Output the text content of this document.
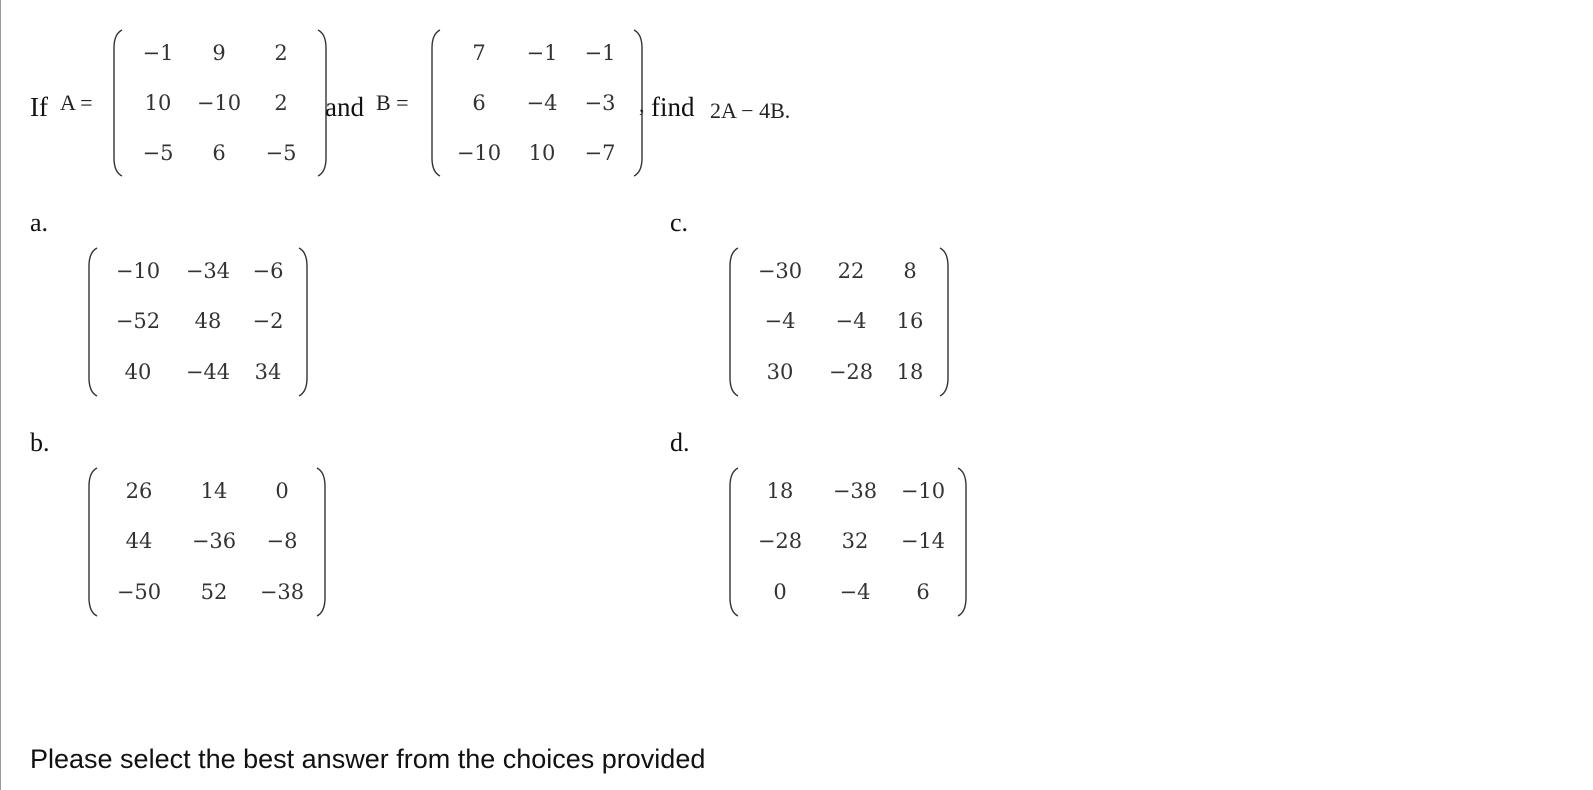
If A =
−1	9	2
10	−10	2
−5	6	−5
and B =
7	−1	−1
6	−4	−3
−10	10	−7
, find 2A − 4B.
a.
−10	−34	−6
−52	48	−2
40	−44	34
c.
−30	22	8
−4	−4	16
30	−28	18
b.
26	14	0
44	−36	−8
−50	52	−38
d.
18	−38	−10
−28	32	−14
0	−4	6
Please select the best answer from the choices provided
